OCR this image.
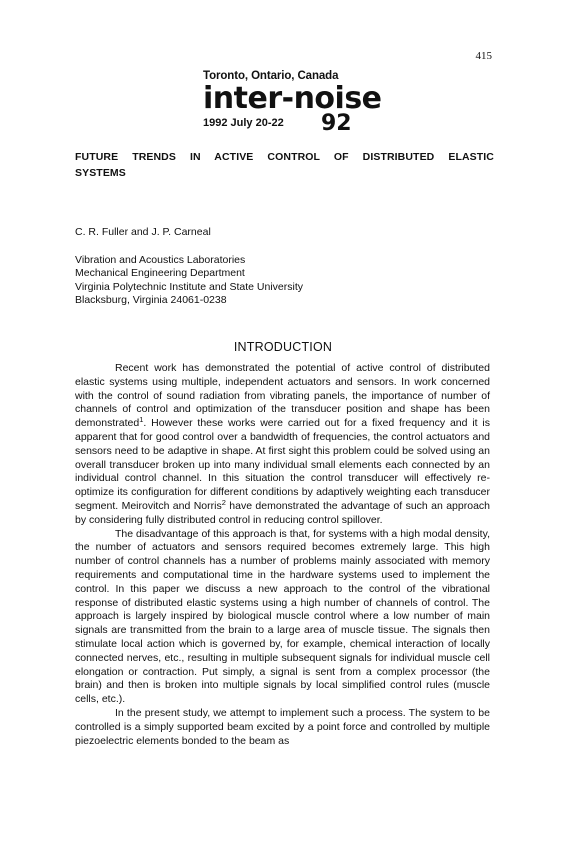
415
Toronto, Ontario, Canada
inter-noise
1992 July 20-22 92
FUTURE TRENDS IN ACTIVE CONTROL OF DISTRIBUTED ELASTIC SYSTEMS
C. R. Fuller and J. P. Carneal
Vibration and Acoustics Laboratories
Mechanical Engineering Department
Virginia Polytechnic Institute and State University
Blacksburg, Virginia 24061-0238
INTRODUCTION

Recent work has demonstrated the potential of active control of distributed elastic systems using multiple, independent actuators and sensors. In work concerned with the control of sound radiation from vibrating panels, the importance of number of channels of control and optimization of the transducer position and shape has been demonstrated$^1$. However these works were carried out for a fixed frequency and it is apparent that for good control over a bandwidth of frequencies, the control actuators and sensors need to be adaptive in shape. At first sight this problem could be solved using an overall transducer broken up into many individual small elements each connected by an individual control channel. In this situation the control transducer will effectively re-optimize its configuration for different conditions by adaptively weighting each transducer segment. Meirovitch and Norris$^2$ have demonstrated the advantage of such an approach by considering fully distributed control in reducing control spillover.

The disadvantage of this approach is that, for systems with a high modal density, the number of actuators and sensors required becomes extremely large. This high number of control channels has a number of problems mainly associated with memory requirements and computational time in the hardware systems used to implement the control. In this paper we discuss a new approach to the control of the vibrational response of distributed elastic systems using a high number of channels of control. The approach is largely inspired by biological muscle control where a low number of main signals are transmitted from the brain to a large area of muscle tissue. The signals then stimulate local action which is governed by, for example, chemical interaction of locally connected nerves, etc., resulting in multiple subsequent signals for individual muscle cell elongation or contraction. Put simply, a signal is sent from a complex processor (the brain) and then is broken into multiple signals by local simplified control rules (muscle cells, etc.).

In the present study, we attempt to implement such a process. The system to be controlled is a simply supported beam excited by a point force and controlled by multiple piezoelectric elements bonded to the beam as
